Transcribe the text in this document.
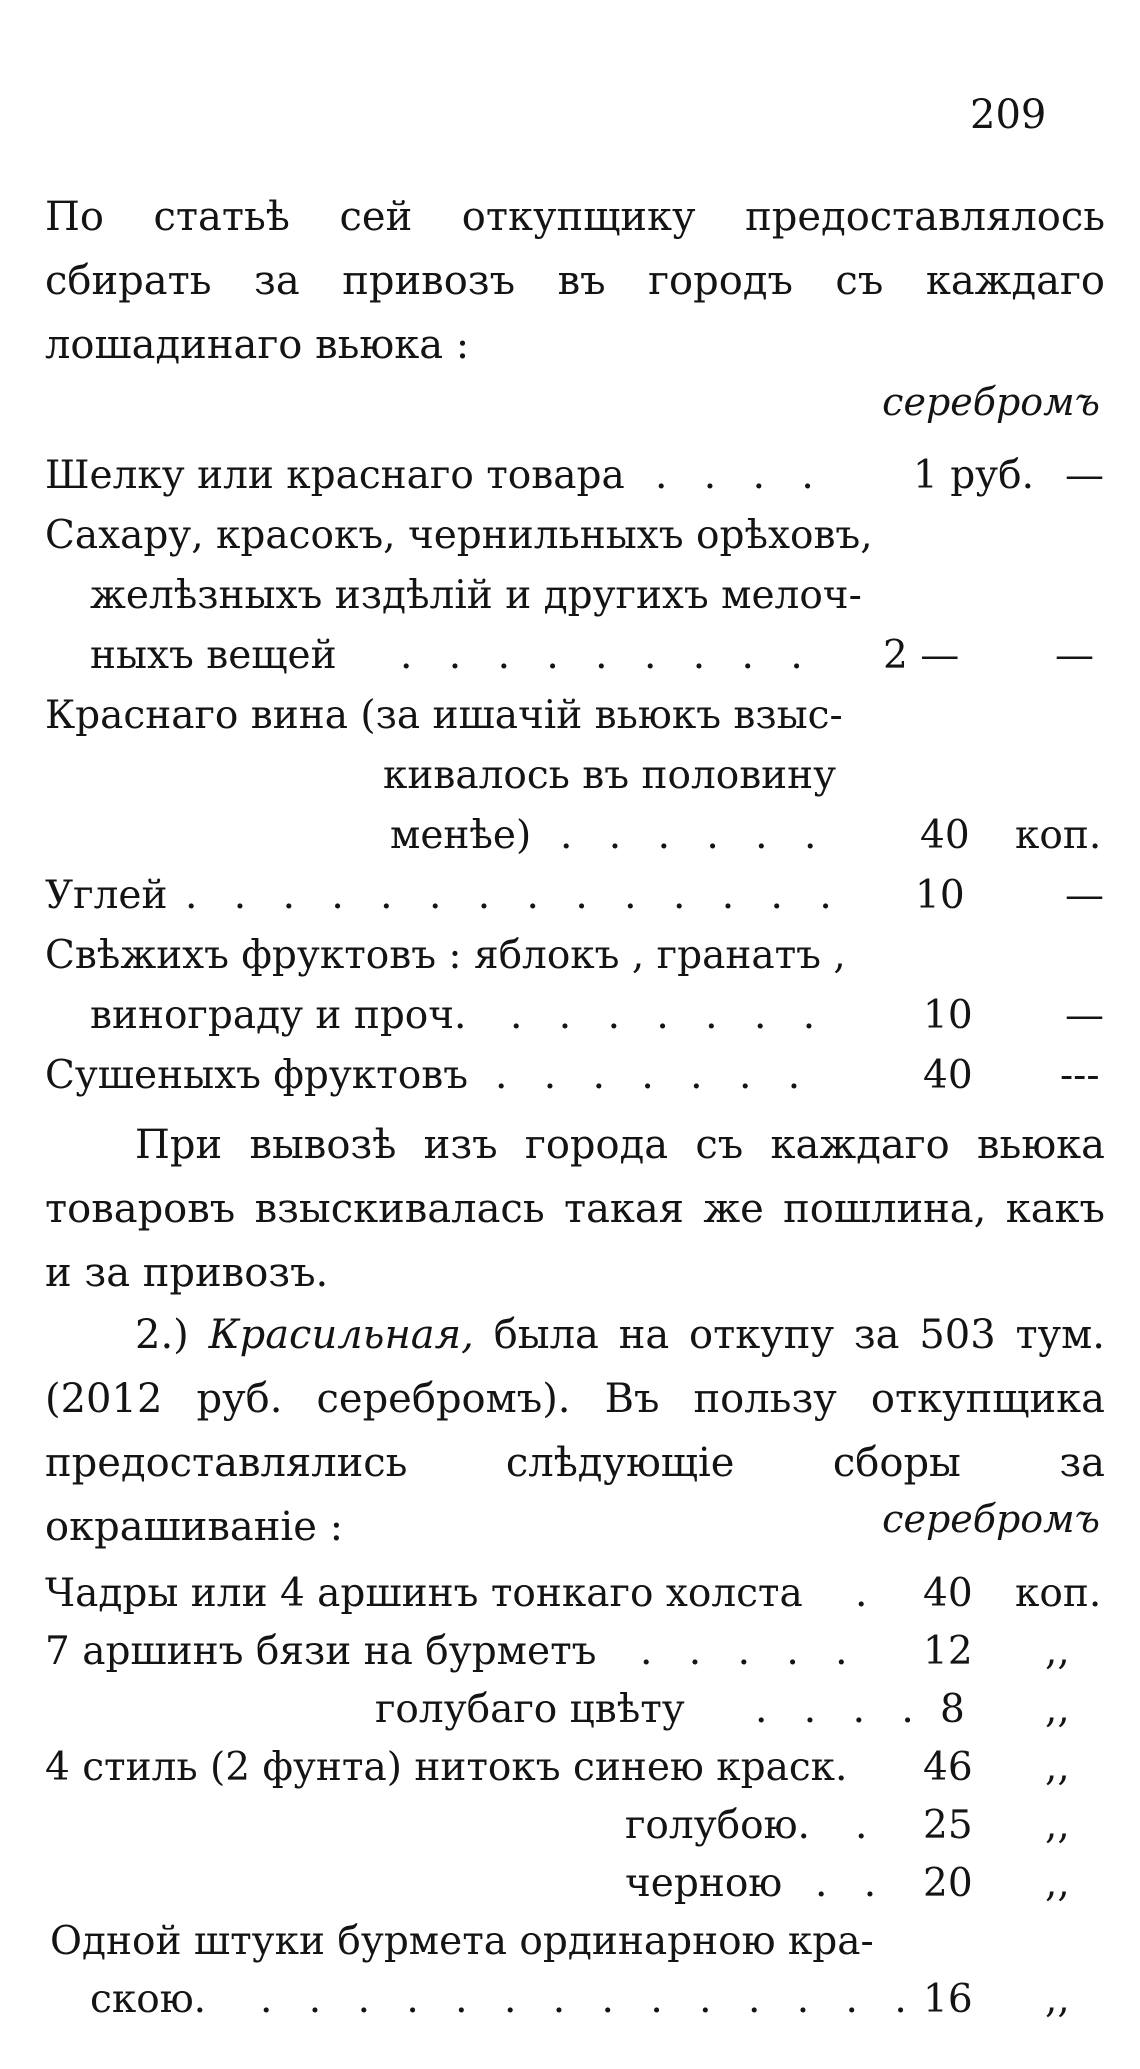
209
По статьѣ сей откупщику предоставлялось сбирать за привозъ въ городъ съ каждаго лошадинаго вьюка :
серебромъ
Шелку или краснаго товара . . . . 1 руб. —
Сахару, красокъ, чернильныхъ орѣховъ,
желѣзныхъ издѣлій и другихъ мелоч-
ныхъ вещей . . . . . . . . . 2 — —
Краснаго вина (за ишачій вьюкъ взыс-
кивалось въ половину
менѣе) . . . . . . 40 коп.
Углей . . . . . . . . . . . . . . 10	—
Свѣжихъ фруктовъ : яблокъ , гранатъ ,
винограду и проч. . . . . . . . 10 —
Сушеныхъ фруктовъ . . . . . . .	40 ---
При вывозѣ изъ города съ каждаго вьюка товаровъ взыскивалась такая же пошлина, какъ и за привозъ.
2.) Красильная, была на откупу за 503 тум. (2012 руб. серебромъ). Въ пользу откупщика предоставлялись слѣдующіе сборы за окрашиваніе :	серебромъ
Чадры или 4 аршинъ тонкаго холста . 40 коп.
7 аршинъ бязи на бурметъ . . . . . 12 ,,
голубаго цвѣту . . . . 8 ,,
4 стиль (2 фунта) нитокъ синею краск. 46 ,,
голубою. . 25 ,,
черною . . 20 ,,
Одной штуки бурмета ординарною кра-
скою. . . . . . . . . . . . . . . 16 ,,
